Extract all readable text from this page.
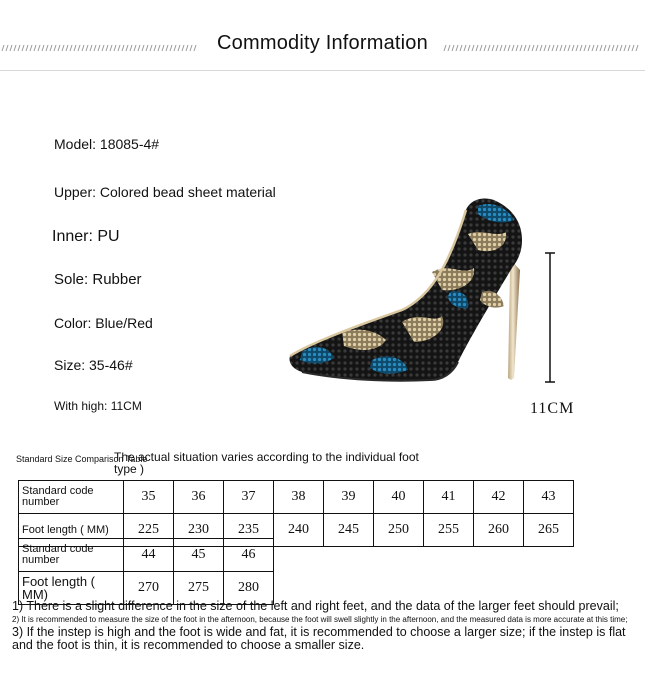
Commodity Information
Model: 18085-4#
Upper: Colored bead sheet material
Inner: PU
Sole: Rubber
Color: Blue/Red
Size: 35-46#
With high: 11CM	11CM
Standard Size Comparison Table
The actual situation varies according to the individual foot type )
Standard code number	35	36	37	38	39	40	41	42	43
Foot length ( MM)	225	230	235	240	245	250	255	260	265
Standard code number	44	45	46
Foot length ( MM)	270	275	280
1) There is a slight difference in the size of the left and right feet, and the data of the larger feet should prevail;
2) It is recommended to measure the size of the foot in the afternoon, because the foot will swell slightly in the afternoon, and the measured data is more accurate at this time;
3) If the instep is high and the foot is wide and fat, it is recommended to choose a larger size; if the instep is flat and the foot is thin, it is recommended to choose a smaller size.
